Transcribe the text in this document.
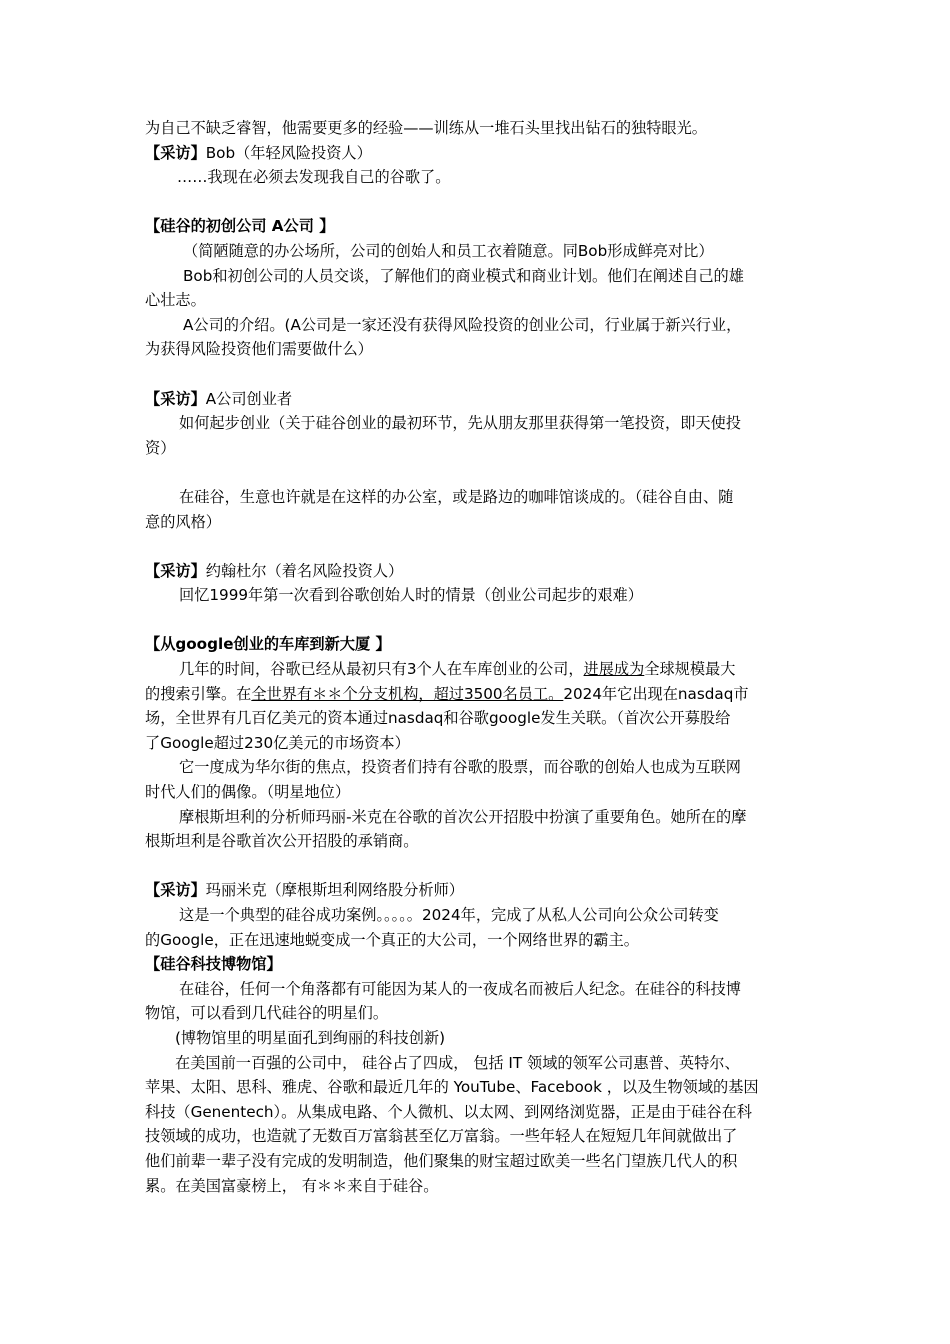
为自己不缺乏睿智，他需要更多的经验——训练从一堆石头里找出钻石的独特眼光。
【采访】Bob（年轻风险投资人）
……我现在必须去发现我自己的谷歌了。
【硅谷的初创公司 A公司 】
（简陋随意的办公场所，公司的创始人和员工衣着随意。同Bob形成鲜亮对比）
Bob和初创公司的人员交谈，了解他们的商业模式和商业计划。他们在阐述自己的雄
心壮志。
A公司的介绍。(A公司是一家还没有获得风险投资的创业公司，行业属于新兴行业，
为获得风险投资他们需要做什么）
【采访】A公司创业者
如何起步创业（关于硅谷创业的最初环节，先从朋友那里获得第一笔投资，即天使投
资）
在硅谷，生意也许就是在这样的办公室，或是路边的咖啡馆谈成的。（硅谷自由、随
意的风格）
【采访】约翰杜尔（着名风险投资人）
回忆1999年第一次看到谷歌创始人时的情景（创业公司起步的艰难）
【从google创业的车库到新大厦 】
几年的时间，谷歌已经从最初只有3个人在车库创业的公司，进展成为全球规模最大
的搜索引擎。在全世界有＊＊个分支机构，超过3500名员工。2024年它出现在nasdaq市
场，全世界有几百亿美元的资本通过nasdaq和谷歌google发生关联。（首次公开募股给
了Google超过230亿美元的市场资本）
它一度成为华尔街的焦点，投资者们持有谷歌的股票，而谷歌的创始人也成为互联网
时代人们的偶像。（明星地位）
摩根斯坦利的分析师玛丽-米克在谷歌的首次公开招股中扮演了重要角色。她所在的摩
根斯坦利是谷歌首次公开招股的承销商。
【采访】玛丽米克（摩根斯坦利网络股分析师）
这是一个典型的硅谷成功案例。。。。。2024年，完成了从私人公司向公众公司转变
的Google，正在迅速地蜕变成一个真正的大公司，一个网络世界的霸主。
【硅谷科技博物馆】
在硅谷，任何一个角落都有可能因为某人的一夜成名而被后人纪念。在硅谷的科技博
物馆，可以看到几代硅谷的明星们。
(博物馆里的明星面孔到绚丽的科技创新)
在美国前一百强的公司中， 硅谷占了四成， 包括 IT 领域的领军公司惠普、英特尔、
苹果、太阳、思科、雅虎、谷歌和最近几年的 YouTube、Facebook ，以及生物领域的基因
科技（Genentech）。从集成电路、个人微机、以太网、到网络浏览器，正是由于硅谷在科
技领域的成功，也造就了无数百万富翁甚至亿万富翁。一些年轻人在短短几年间就做出了
他们前辈一辈子没有完成的发明制造，他们聚集的财宝超过欧美一些名门望族几代人的积
累。在美国富豪榜上， 有＊＊来自于硅谷。
